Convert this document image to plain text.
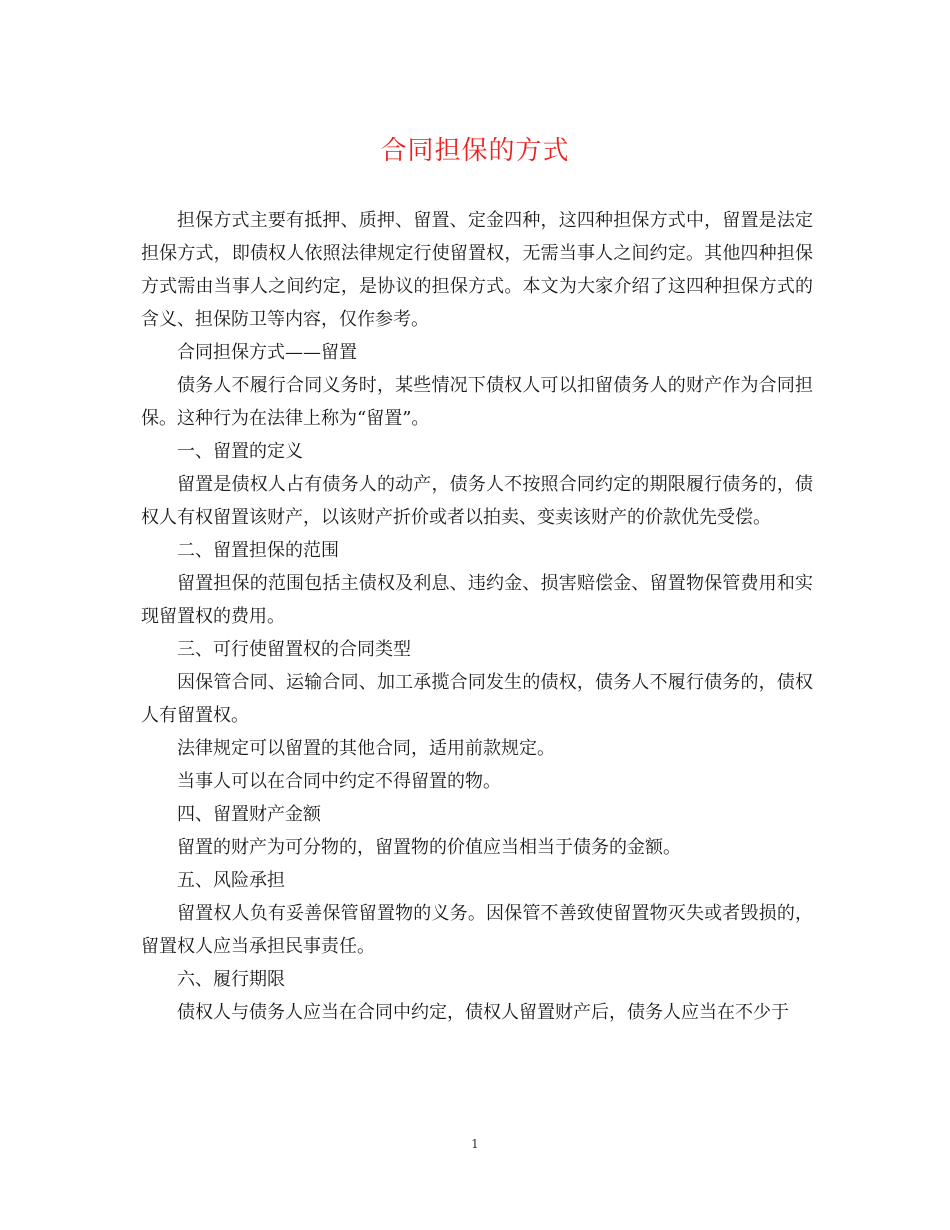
合同担保的方式

担保方式主要有抵押、质押、留置、定金四种，这四种担保方式中，留置是法定担保方式，即债权人依照法律规定行使留置权，无需当事人之间约定。其他四种担保方式需由当事人之间约定，是协议的担保方式。本文为大家介绍了这四种担保方式的含义、担保防卫等内容，仅作参考。

合同担保方式——留置

债务人不履行合同义务时，某些情况下债权人可以扣留债务人的财产作为合同担保。这种行为在法律上称为“留置”。

一、留置的定义

留置是债权人占有债务人的动产，债务人不按照合同约定的期限履行债务的，债权人有权留置该财产，以该财产折价或者以拍卖、变卖该财产的价款优先受偿。

二、留置担保的范围

留置担保的范围包括主债权及利息、违约金、损害赔偿金、留置物保管费用和实现留置权的费用。

三、可行使留置权的合同类型

因保管合同、运输合同、加工承揽合同发生的债权，债务人不履行债务的，债权人有留置权。

法律规定可以留置的其他合同，适用前款规定。

当事人可以在合同中约定不得留置的物。

四、留置财产金额

留置的财产为可分物的，留置物的价值应当相当于债务的金额。

五、风险承担

留置权人负有妥善保管留置物的义务。因保管不善致使留置物灭失或者毁损的，留置权人应当承担民事责任。

六、履行期限

债权人与债务人应当在合同中约定，债权人留置财产后，债务人应当在不少于

1
